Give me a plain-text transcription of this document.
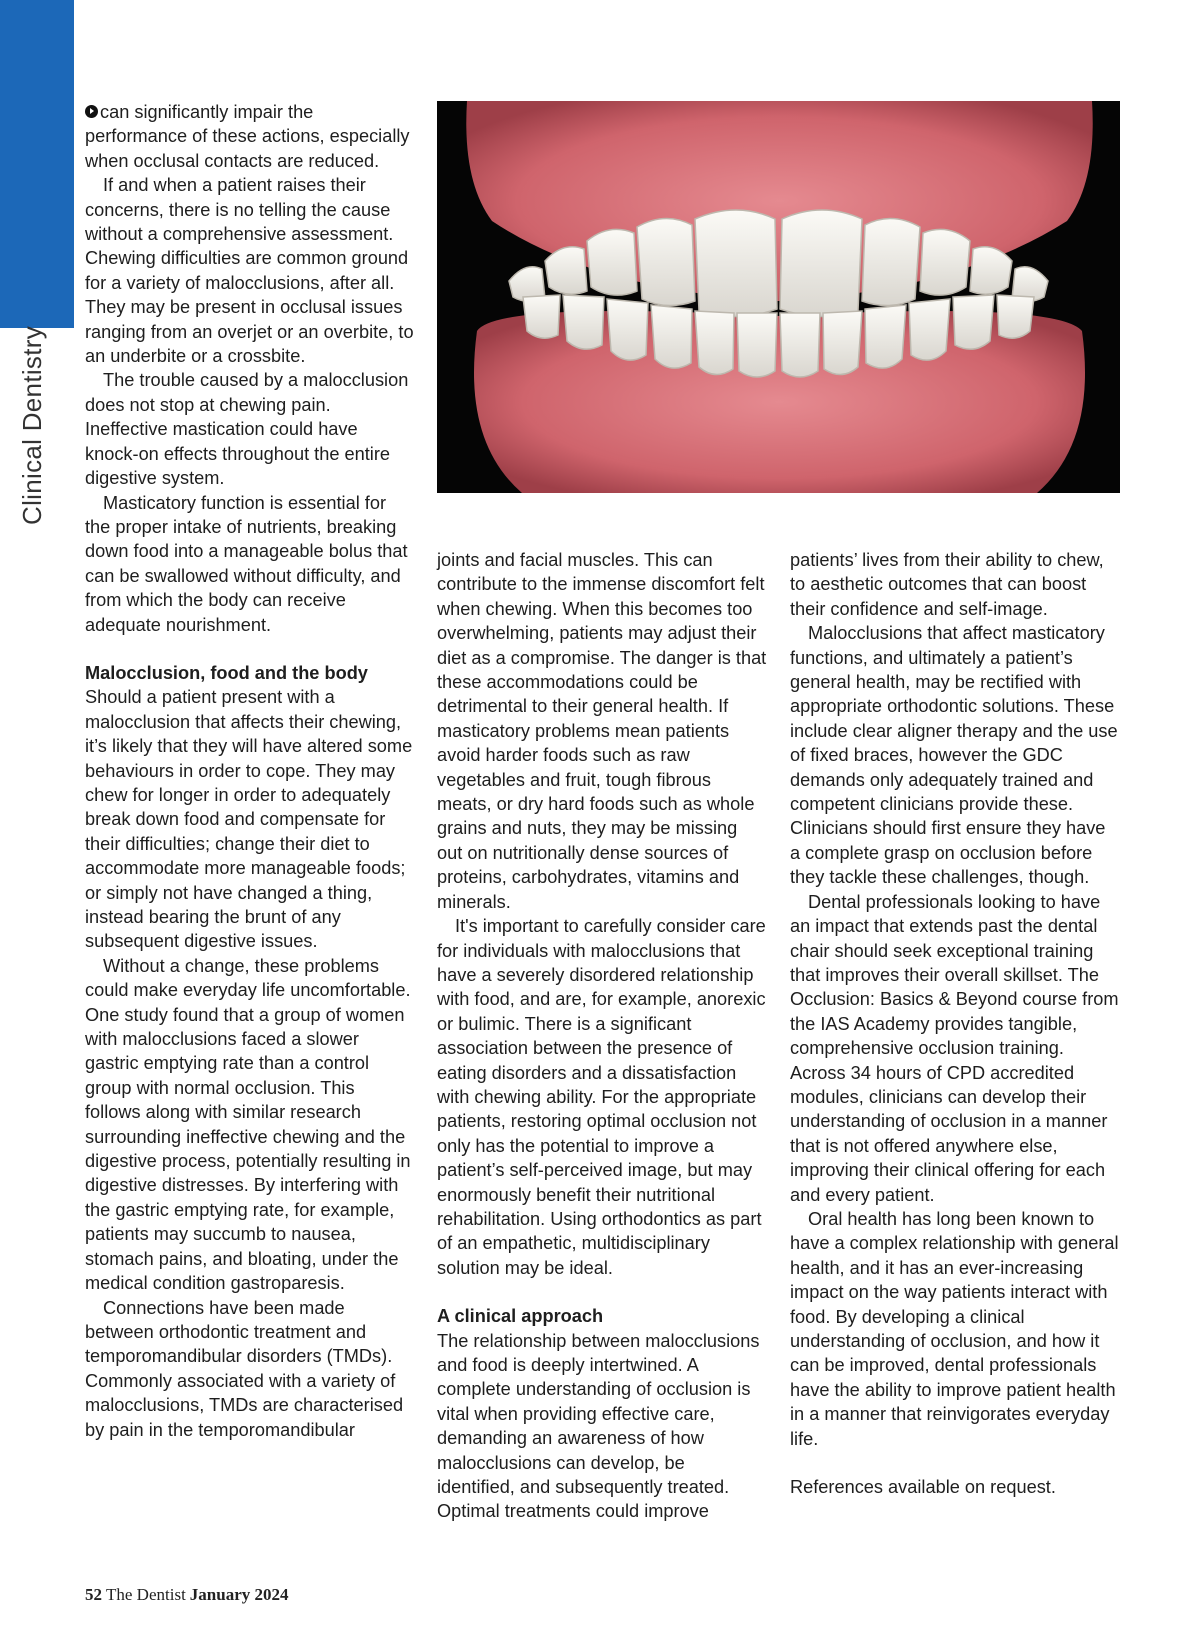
Clinical Dentistry

can significantly impair the performance of these actions, especially when occlusal contacts are reduced.

If and when a patient raises their concerns, there is no telling the cause without a comprehensive assessment. Chewing difficulties are common ground for a variety of malocclusions, after all. They may be present in occlusal issues ranging from an overjet or an overbite, to an underbite or a crossbite.

The trouble caused by a malocclusion does not stop at chewing pain. Ineffective mastication could have knock-on effects throughout the entire digestive system.

Masticatory function is essential for the proper intake of nutrients, breaking down food into a manageable bolus that can be swallowed without difficulty, and from which the body can receive adequate nourishment.

Malocclusion, food and the body

Should a patient present with a malocclusion that affects their chewing, it’s likely that they will have altered some behaviours in order to cope. They may chew for longer in order to adequately break down food and compensate for their difficulties; change their diet to accommodate more manageable foods; or simply not have changed a thing, instead bearing the brunt of any subsequent digestive issues.

Without a change, these problems could make everyday life uncomfortable. One study found that a group of women with malocclusions faced a slower gastric emptying rate than a control group with normal occlusion. This follows along with similar research surrounding ineffective chewing and the digestive process, potentially resulting in digestive distresses. By interfering with the gastric emptying rate, for example, patients may succumb to nausea, stomach pains, and bloating, under the medical condition gastroparesis.

Connections have been made between orthodontic treatment and temporomandibular disorders (TMDs). Commonly associated with a variety of malocclusions, TMDs are characterised by pain in the temporomandibular

joints and facial muscles. This can contribute to the immense discomfort felt when chewing. When this becomes too overwhelming, patients may adjust their diet as a compromise. The danger is that these accommodations could be detrimental to their general health. If masticatory problems mean patients avoid harder foods such as raw vegetables and fruit, tough fibrous meats, or dry hard foods such as whole grains and nuts, they may be missing out on nutritionally dense sources of proteins, carbohydrates, vitamins and minerals.

It's important to carefully consider care for individuals with malocclusions that have a severely disordered relationship with food, and are, for example, anorexic or bulimic. There is a significant association between the presence of eating disorders and a dissatisfaction with chewing ability. For the appropriate patients, restoring optimal occlusion not only has the potential to improve a patient’s self-perceived image, but may enormously benefit their nutritional rehabilitation. Using orthodontics as part of an empathetic, multidisciplinary solution may be ideal.

A clinical approach

The relationship between malocclusions and food is deeply intertwined. A complete understanding of occlusion is vital when providing effective care, demanding an awareness of how malocclusions can develop, be identified, and subsequently treated. Optimal treatments could improve

patients’ lives from their ability to chew, to aesthetic outcomes that can boost their confidence and self-image.

Malocclusions that affect masticatory functions, and ultimately a patient’s general health, may be rectified with appropriate orthodontic solutions. These include clear aligner therapy and the use of fixed braces, however the GDC demands only adequately trained and competent clinicians provide these. Clinicians should first ensure they have a complete grasp on occlusion before they tackle these challenges, though.

Dental professionals looking to have an impact that extends past the dental chair should seek exceptional training that improves their overall skillset. The Occlusion: Basics & Beyond course from the IAS Academy provides tangible, comprehensive occlusion training. Across 34 hours of CPD accredited modules, clinicians can develop their understanding of occlusion in a manner that is not offered anywhere else, improving their clinical offering for each and every patient.

Oral health has long been known to have a complex relationship with general health, and it has an ever-increasing impact on the way patients interact with food. By developing a clinical understanding of occlusion, and how it can be improved, dental professionals have the ability to improve patient health in a manner that reinvigorates everyday life.

References available on request.

52 The Dentist January 2024
